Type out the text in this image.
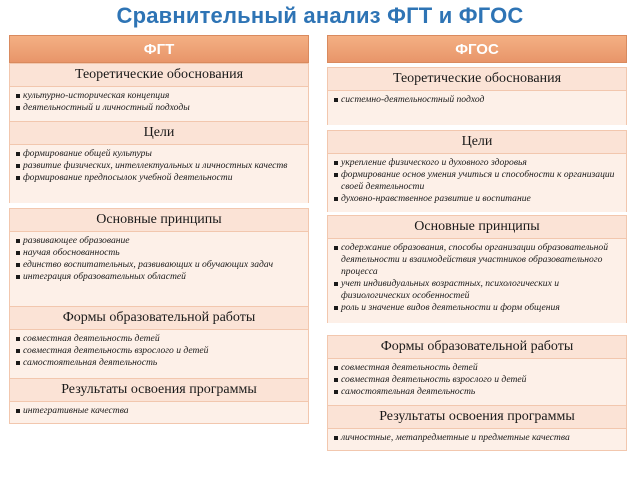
Сравнительный анализ ФГТ и ФГОС
ФГТ
Теоретические обоснования
культурно-историческая концепция
деятельностный и личностный подходы
Цели
формирование общей культуры
развитие физических, интеллектуальных и личностных качеств
формирование предпосылок учебной деятельности
Основные принципы
развивающее образование
научая обоснованность
единство воспитательных, развивающих и обучающих задач
интеграция образовательных областей
Формы образовательной работы
совместная деятельность детей
совместная деятельность взрослого и детей
самостоятельная деятельность
Результаты освоения программы
интегративные качества
ФГОС
Теоретические обоснования
системно-деятельностный подход
Цели
укрепление физического и духовного здоровья
формирование основ умения учиться и способности к организации своей деятельности
духовно-нравственное развитие и воспитание
Основные принципы
содержание образования, способы организации образовательной деятельности и взаимодействия участников образовательного процесса
учет индивидуальных возрастных, психологических и физиологических особенностей
роль и значение видов деятельности и форм общения
Формы образовательной работы
совместная деятельность детей
совместная деятельность взрослого и детей
самостоятельная деятельность
Результаты освоения программы
личностные, метапредметные и предметные качества
